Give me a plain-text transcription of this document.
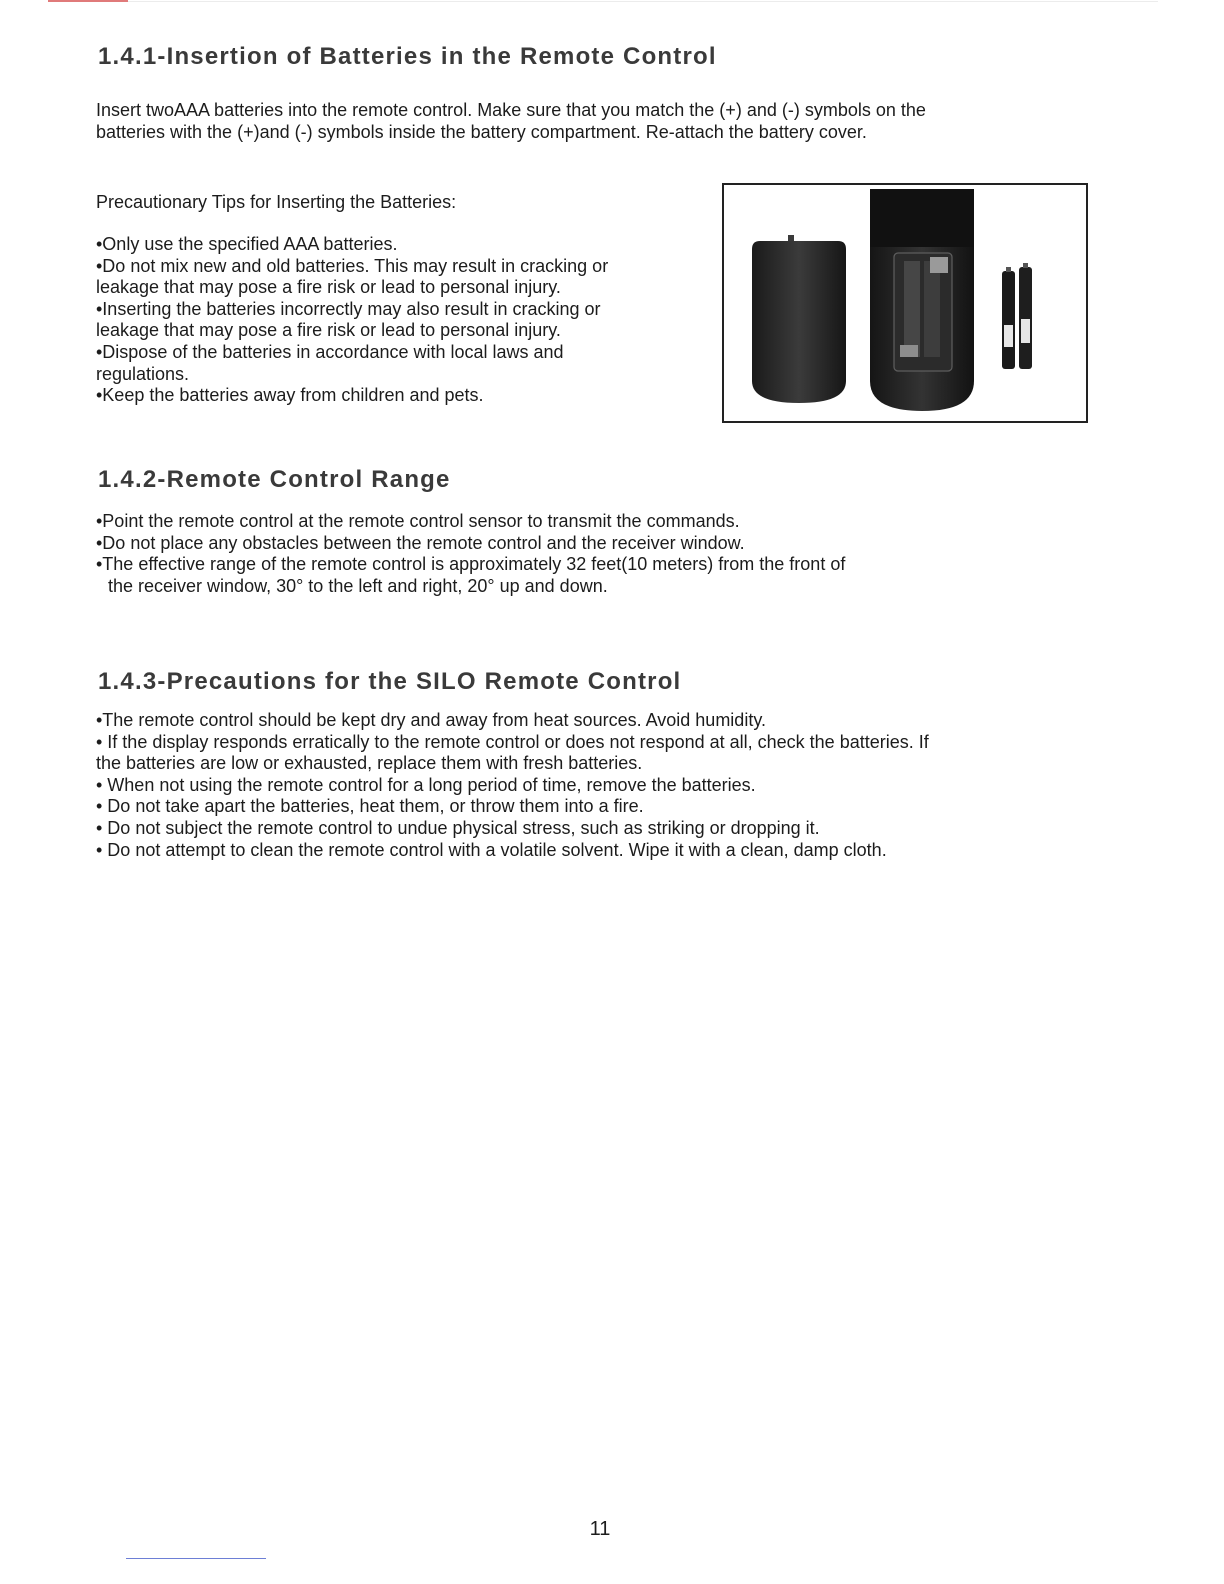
1.4.1-Insertion of Batteries in the Remote Control

Insert twoAAA batteries into the remote control. Make sure that you match the (+) and (-) symbols on the

batteries with the (+)and (-) symbols inside the battery compartment. Re-attach the battery cover.

Precautionary Tips for Inserting the Batteries:

•Only use the specified AAA batteries.
•Do not mix new and old batteries. This may result in cracking or
leakage that may pose a fire risk or lead to personal injury.
•Inserting the batteries incorrectly may also result in cracking or
leakage that may pose a fire risk or lead to personal injury.
•Dispose of the batteries in accordance with local laws and
regulations.
•Keep the batteries away from children and pets.
1.4.2-Remote Control Range
•Point the remote control at the remote control sensor to transmit the commands.
•Do not place any obstacles between the remote control and the receiver window.
•The effective range of the remote control is approximately 32 feet(10 meters) from the front of
the receiver window, 30° to the left and right, 20° up and down.
1.4.3-Precautions for the SILO Remote Control
•The remote control should be kept dry and away from heat sources. Avoid humidity.
• If the display responds erratically to the remote control or does not respond at all, check the batteries. If
the batteries are low or exhausted, replace them with fresh batteries.
• When not using the remote control for a long period of time, remove the batteries.
• Do not take apart the batteries, heat them, or throw them into a fire.
• Do not subject the remote control to undue physical stress, such as striking or dropping it.
• Do not attempt to clean the remote control with a volatile solvent. Wipe it with a clean, damp cloth.
11
